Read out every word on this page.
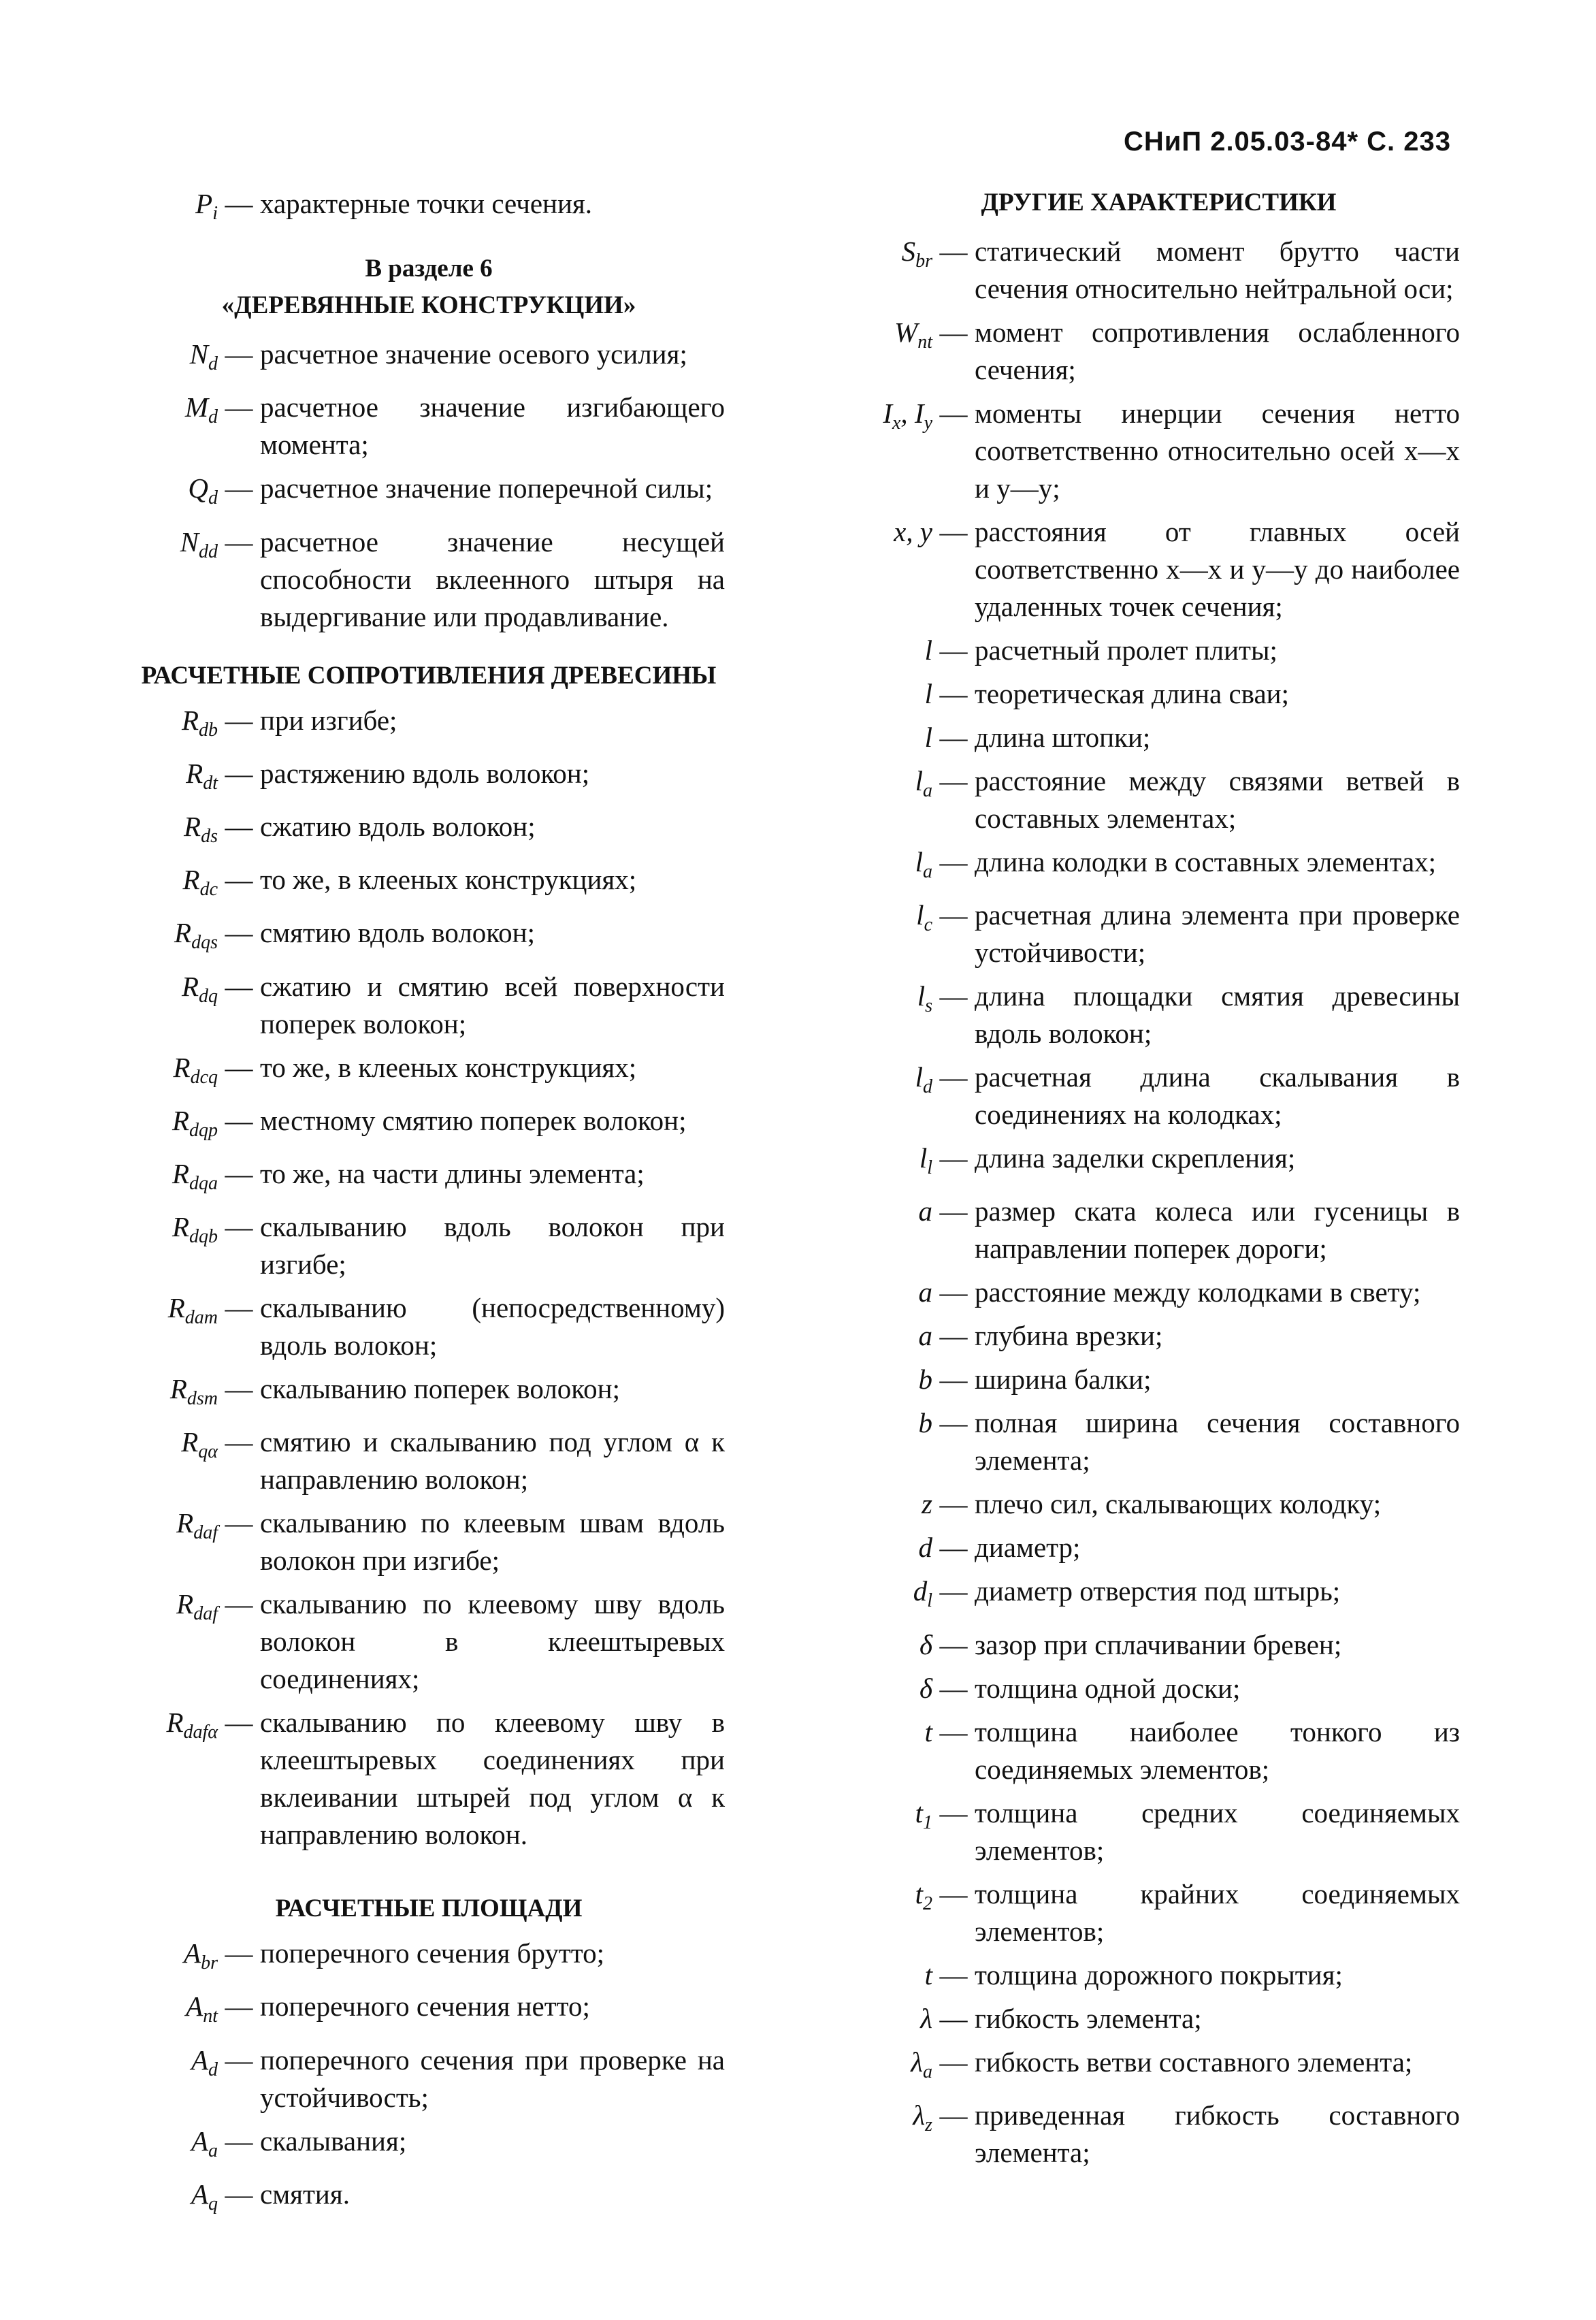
СНиП 2.05.03-84* С. 233
$P_i$ — характерные точки сечения.
В разделе 6
«ДЕРЕВЯННЫЕ КОНСТРУКЦИИ»
$N_d$ — расчетное значение осевого усилия;
$M_d$ — расчетное значение изгибающего момента;
$Q_d$ — расчетное значение поперечной силы;
$N_{dd}$ — расчетное значение несущей способности вклеенного штыря на выдергивание или продавливание.
РАСЧЕТНЫЕ СОПРОТИВЛЕНИЯ ДРЕВЕСИНЫ
$R_{db}$ — при изгибе;
$R_{dt}$ — растяжению вдоль волокон;
$R_{ds}$ — сжатию вдоль волокон;
$R_{dc}$ — то же, в клееных конструкциях;
$R_{dqs}$ — смятию вдоль волокон;
$R_{dq}$ — сжатию и смятию всей поверхности поперек волокон;
$R_{dcq}$ — то же, в клееных конструкциях;
$R_{dqp}$ — местному смятию поперек волокон;
$R_{dqa}$ — то же, на части длины элемента;
$R_{dqb}$ — скалыванию вдоль волокон при изгибе;
$R_{dam}$ — скалыванию (непосредственному) вдоль волокон;
$R_{dsm}$ — скалыванию поперек волокон;
$R_{q\alpha}$ — смятию и скалыванию под углом α к направлению волокон;
$R_{daf}$ — скалыванию по клеевым швам вдоль волокон при изгибе;
$R_{daf}$ — скалыванию по клеевому шву вдоль волокон в клеештыревых соединениях;
$R_{daf\alpha}$ — скалыванию по клеевому шву в клеештыревых соединениях при вклеивании штырей под углом α к направлению волокон.
РАСЧЕТНЫЕ ПЛОЩАДИ
$A_{br}$ — поперечного сечения брутто;
$A_{nt}$ — поперечного сечения нетто;
$A_d$ — поперечного сечения при проверке на устойчивость;
$A_a$ — скалывания;
$A_q$ — смятия.
ДРУГИЕ ХАРАКТЕРИСТИКИ
$S_{br}$ — статический момент брутто части сечения относительно нейтральной оси;
$W_{nt}$ — момент сопротивления ослабленного сечения;
$I_x$, $I_y$ — моменты инерции сечения нетто соответственно относительно осей x—x и y—y;
x, y — расстояния от главных осей соответственно x—x и y—y до наиболее удаленных точек сечения;
l — расчетный пролет плиты;
l — теоретическая длина сваи;
l — длина штопки;
$l_a$ — расстояние между связями ветвей в составных элементах;
$l_a$ — длина колодки в составных элементах;
$l_c$ — расчетная длина элемента при проверке устойчивости;
$l_s$ — длина площадки смятия древесины вдоль волокон;
$l_d$ — расчетная длина скалывания в соединениях на колодках;
$l_l$ — длина заделки скрепления;
a — размер ската колеса или гусеницы в направлении поперек дороги;
a — расстояние между колодками в свету;
a — глубина врезки;
b — ширина балки;
b — полная ширина сечения составного элемента;
z — плечо сил, скалывающих колодку;
d — диаметр;
$d_l$ — диаметр отверстия под штырь;
δ — зазор при сплачивании бревен;
δ — толщина одной доски;
t — толщина наиболее тонкого из соединяемых элементов;
$t_1$ — толщина средних соединяемых элементов;
$t_2$ — толщина крайних соединяемых элементов;
t — толщина дорожного покрытия;
λ — гибкость элемента;
$\lambda_a$ — гибкость ветви составного элемента;
$\lambda_z$ — приведенная гибкость составного элемента;
